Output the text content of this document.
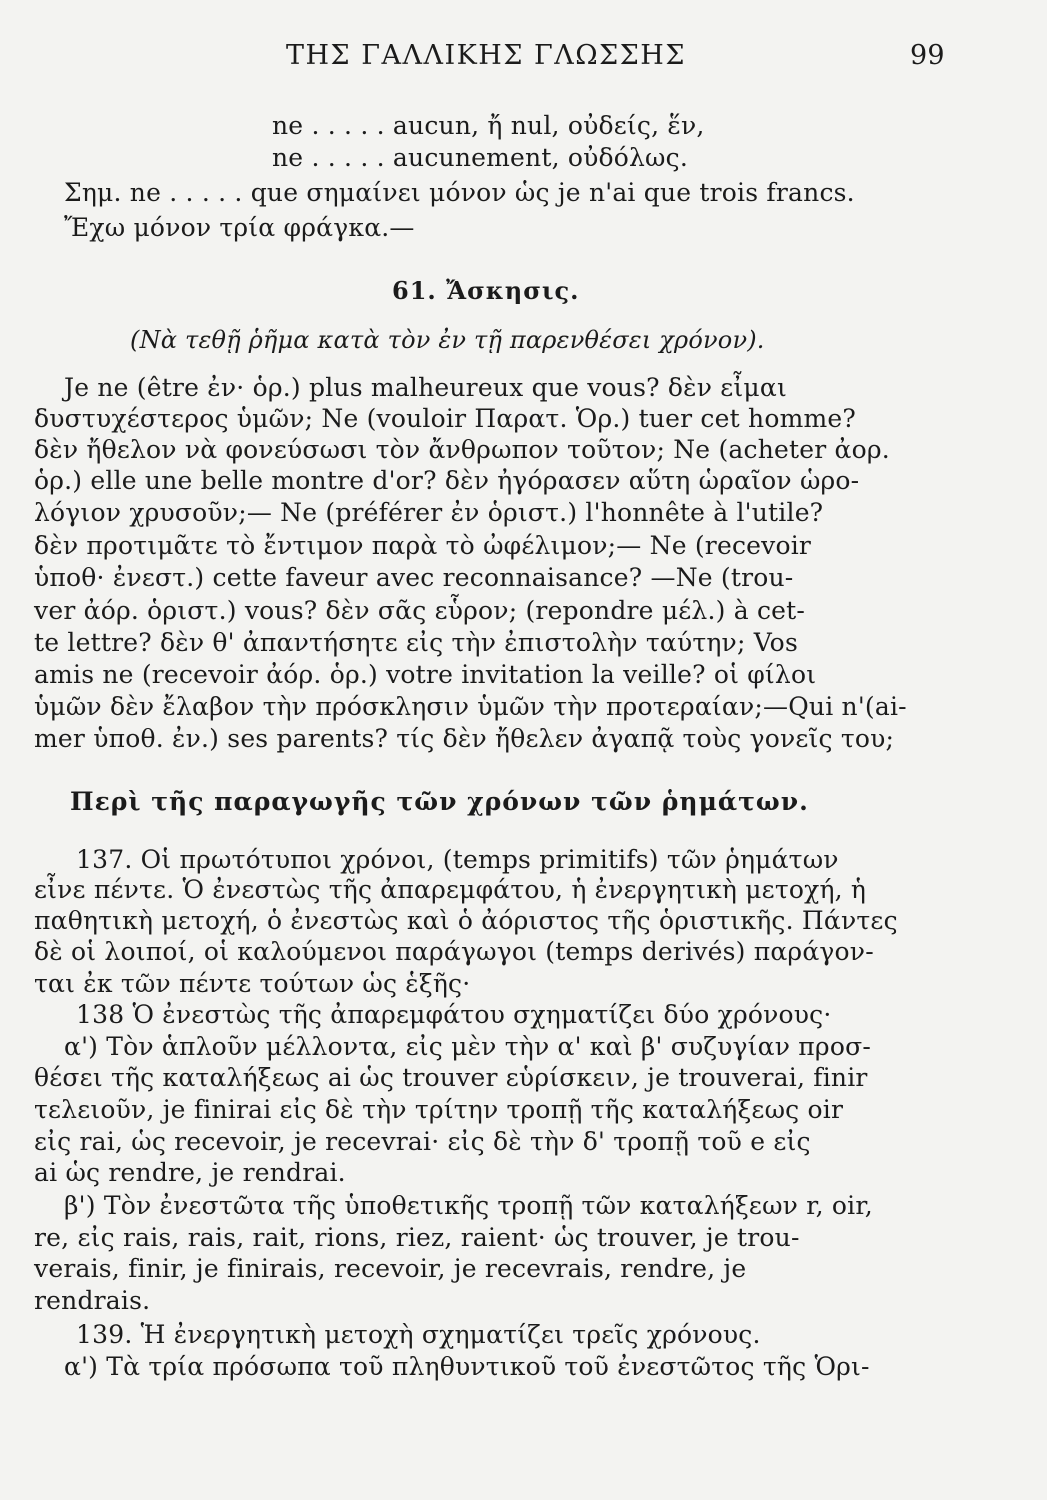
ΤΗΣ ΓΑΛΛΙΚΗΣ ΓΛΩΣΣΗΣ	99
ne . . . . . aucun, ἤ nul, οὐδείς, ἕν,
ne . . . . . aucunement, οὐδόλως.
Σημ. ne . . . . . que σημαίνει μόνον ὡς je n'ai que trois francs.
Ἔχω μόνον τρία φράγκα.—
61. Ἄσκησις.
(Νὰ τεθῇ ῥῆμα κατὰ τὸν ἐν τῇ παρενθέσει χρόνον).
Je ne (être ἐν· ὁρ.) plus malheureux que vous? δὲν εἶμαι
δυστυχέστερος ὑμῶν; Ne (vouloir Παρατ. Ὁρ.) tuer cet homme?
δὲν ἤθελον νὰ φονεύσωσι τὸν ἄνθρωπον τοῦτον; Ne (acheter ἀορ.
ὁρ.) elle une belle montre d'or? δὲν ἠγόρασεν αὕτη ὡραῖον ὡρο-
λόγιον χρυσοῦν;— Ne (préférer ἐν ὁριστ.) l'honnête à l'utile?
δὲν προτιμᾶτε τὸ ἔντιμον παρὰ τὸ ὠφέλιμον;— Ne (recevoir
ὑποθ· ἐνεστ.) cette faveur avec reconnaisance? —Ne (trou-
ver ἀόρ. ὁριστ.) vous? δὲν σᾶς εὗρον; (repondre μέλ.) à cet-
te lettre? δὲν θ' ἀπαντήσητε εἰς τὴν ἐπιστολὴν ταύτην; Vos
amis ne (recevoir ἀόρ. ὁρ.) votre invitation la veille? οἱ φίλοι
ὑμῶν δὲν ἔλαβον τὴν πρόσκλησιν ὑμῶν τὴν προτεραίαν;—Qui n'(ai-
mer ὑποθ. ἐν.) ses parents? τίς δὲν ἤθελεν ἀγαπᾷ τοὺς γονεῖς του;
Περὶ τῆς παραγωγῆς τῶν χρόνων τῶν ῥημάτων.
137. Οἱ πρωτότυποι χρόνοι, (temps primitifs) τῶν ῥημάτων
εἶνε πέντε. Ὁ ἐνεστὼς τῆς ἀπαρεμφάτου, ἡ ἐνεργητικὴ μετοχή, ἡ
παθητικὴ μετοχή, ὁ ἐνεστὼς καὶ ὁ ἀόριστος τῆς ὁριστικῆς. Πάντες
δὲ οἱ λοιποί, οἱ καλούμενοι παράγωγοι (temps derivés) παράγον-
ται ἐκ τῶν πέντε τούτων ὡς ἑξῆς·
138 Ὁ ἐνεστὼς τῆς ἀπαρεμφάτου σχηματίζει δύο χρόνους·
α') Τὸν ἁπλοῦν μέλλοντα, εἰς μὲν τὴν α' καὶ β' συζυγίαν προσ-
θέσει τῆς καταλήξεως ai ὡς trouver εὑρίσκειν, je trouverai, finir
τελειοῦν, je finirai εἰς δὲ τὴν τρίτην τροπῇ τῆς καταλήξεως oir
εἰς rai, ὡς recevoir, je recevrai· εἰς δὲ τὴν δ' τροπῇ τοῦ e εἰς
ai ὡς rendre, je rendrai.
β') Τὸν ἐνεστῶτα τῆς ὑποθετικῆς τροπῇ τῶν καταλήξεων r, oir,
re, εἰς rais, rais, rait, rions, riez, raient· ὡς trouver, je trou-
verais, finir, je finirais, recevoir, je recevrais, rendre, je
rendrais.
139. Ἡ ἐνεργητικὴ μετοχὴ σχηματίζει τρεῖς χρόνους.
α') Τὰ τρία πρόσωπα τοῦ πληθυντικοῦ τοῦ ἐνεστῶτος τῆς Ὁρι-
